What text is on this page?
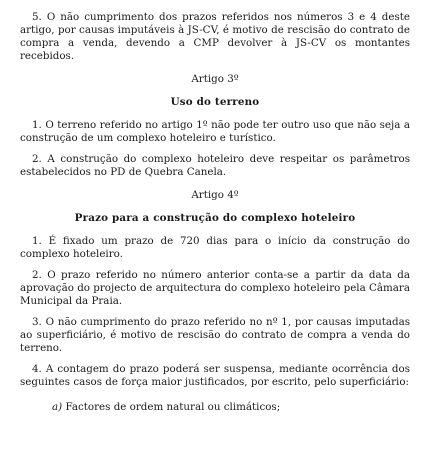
5. O não cumprimento dos prazos referidos nos números 3 e 4 deste artigo, por causas imputáveis à JS-CV, é motivo de rescisão do contrato de compra a venda, devendo a CMP devolver à JS-CV os montantes recebidos.

Artigo 3º

Uso do terreno

1. O terreno referido no artigo 1º não pode ter outro uso que não seja a construção de um complexo hoteleiro e turístico.

2. A construção do complexo hoteleiro deve respeitar os parâmetros estabelecidos no PD de Quebra Canela.

Artigo 4º

Prazo para a construção do complexo hoteleiro

1. É fixado um prazo de 720 dias para o início da construção do complexo hoteleiro.

2. O prazo referido no número anterior conta-se a partir da data da aprovação do projecto de arquitectura do complexo hoteleiro pela Câmara Municipal da Praia.

3. O não cumprimento do prazo referido no nº 1, por causas imputadas ao superficiário, é motivo de rescisão do contrato de compra a venda do terreno.

4. A contagem do prazo poderá ser suspensa, mediante ocorrência dos seguintes casos de força maior justificados, por escrito, pelo superficiário:

a) Factores de ordem natural ou climáticos;
